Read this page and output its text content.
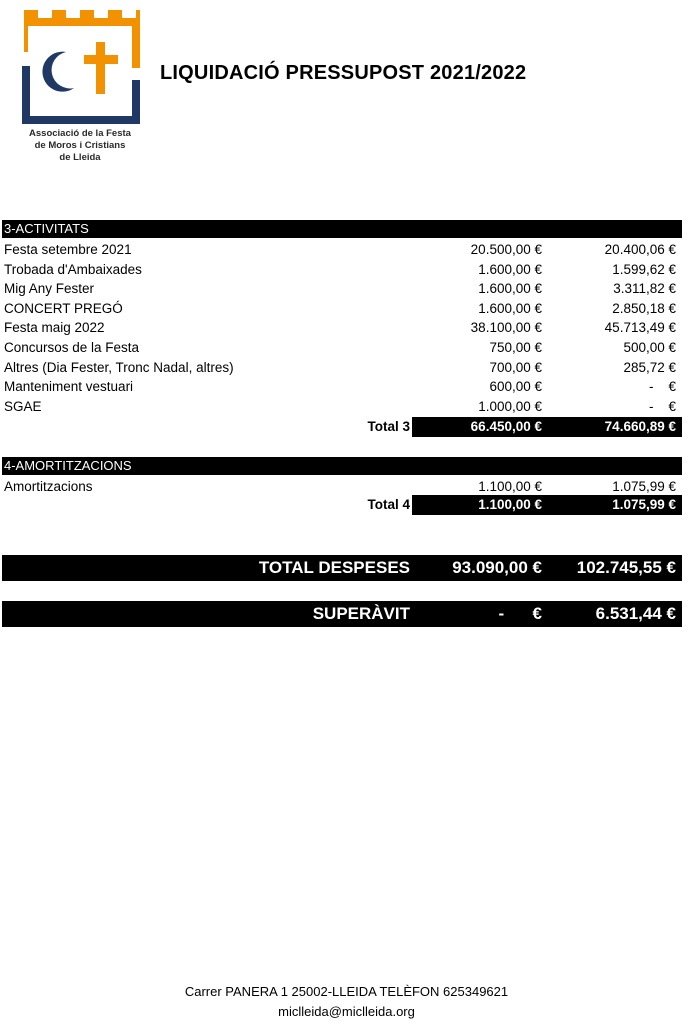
Associació de la Festa
de Moros i Cristians
de Lleida
LIQUIDACIÓ PRESSUPOST 2021/2022
3-ACTIVITATS
Festa setembre 2021	20.500,00 €	20.400,06 €
Trobada d'Ambaixades	1.600,00 €	1.599,62 €
Mig Any Fester	1.600,00 €	3.311,82 €
CONCERT PREGÓ	1.600,00 €	2.850,18 €
Festa maig 2022	38.100,00 €	45.713,49 €
Concursos de la Festa	750,00 €	500,00 €
Altres (Dia Fester, Tronc Nadal, altres)	700,00 €	285,72 €
Manteniment vestuari	600,00 €	-    €
SGAE	1.000,00 €	-    €
Total 3	66.450,00 €	74.660,89 €
4-AMORTITZACIONS
Amortitzacions	1.100,00 €	1.075,99 €
Total 4	1.100,00 €	1.075,99 €
TOTAL DESPESES 93.090,00 € 102.745,55 €
SUPERÀVIT	-      €	6.531,44 €
Carrer PANERA 1 25002-LLEIDA TELÈFON 625349621
miclleida@miclleida.org
